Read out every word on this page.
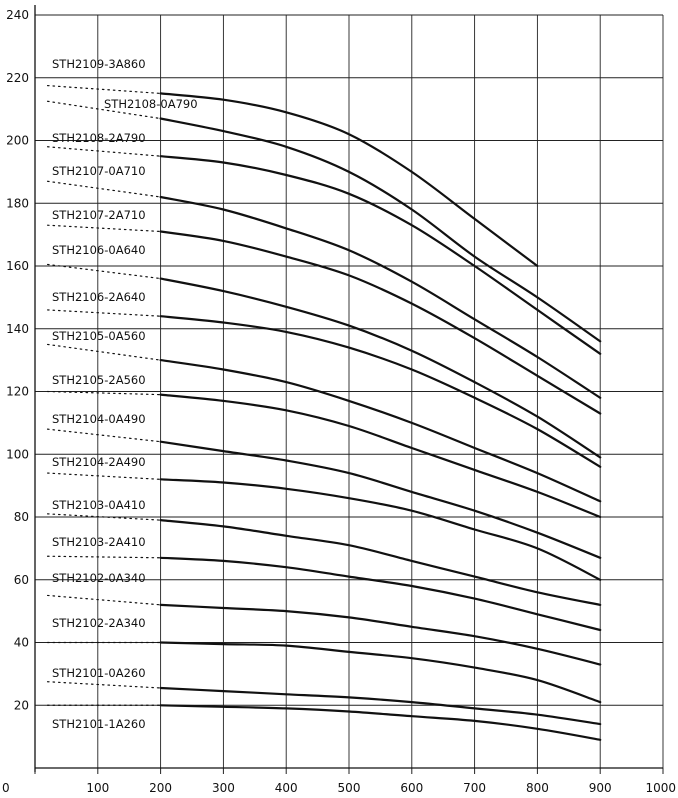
20
40
60
80
100
120
140
160
180
200
220
240
0	100	200	300	400	500	600	700	800	900	1000
STH2109-3A860
STH2108-0A790
STH2108-2A790
STH2107-0A710
STH2107-2A710
STH2106-0A640
STH2106-2A640
STH2105-0A560
STH2105-2A560
STH2104-0A490
STH2104-2A490
STH2103-0A410
STH2103-2A410
STH2102-0A340
STH2102-2A340
STH2101-0A260
STH2101-1A260
